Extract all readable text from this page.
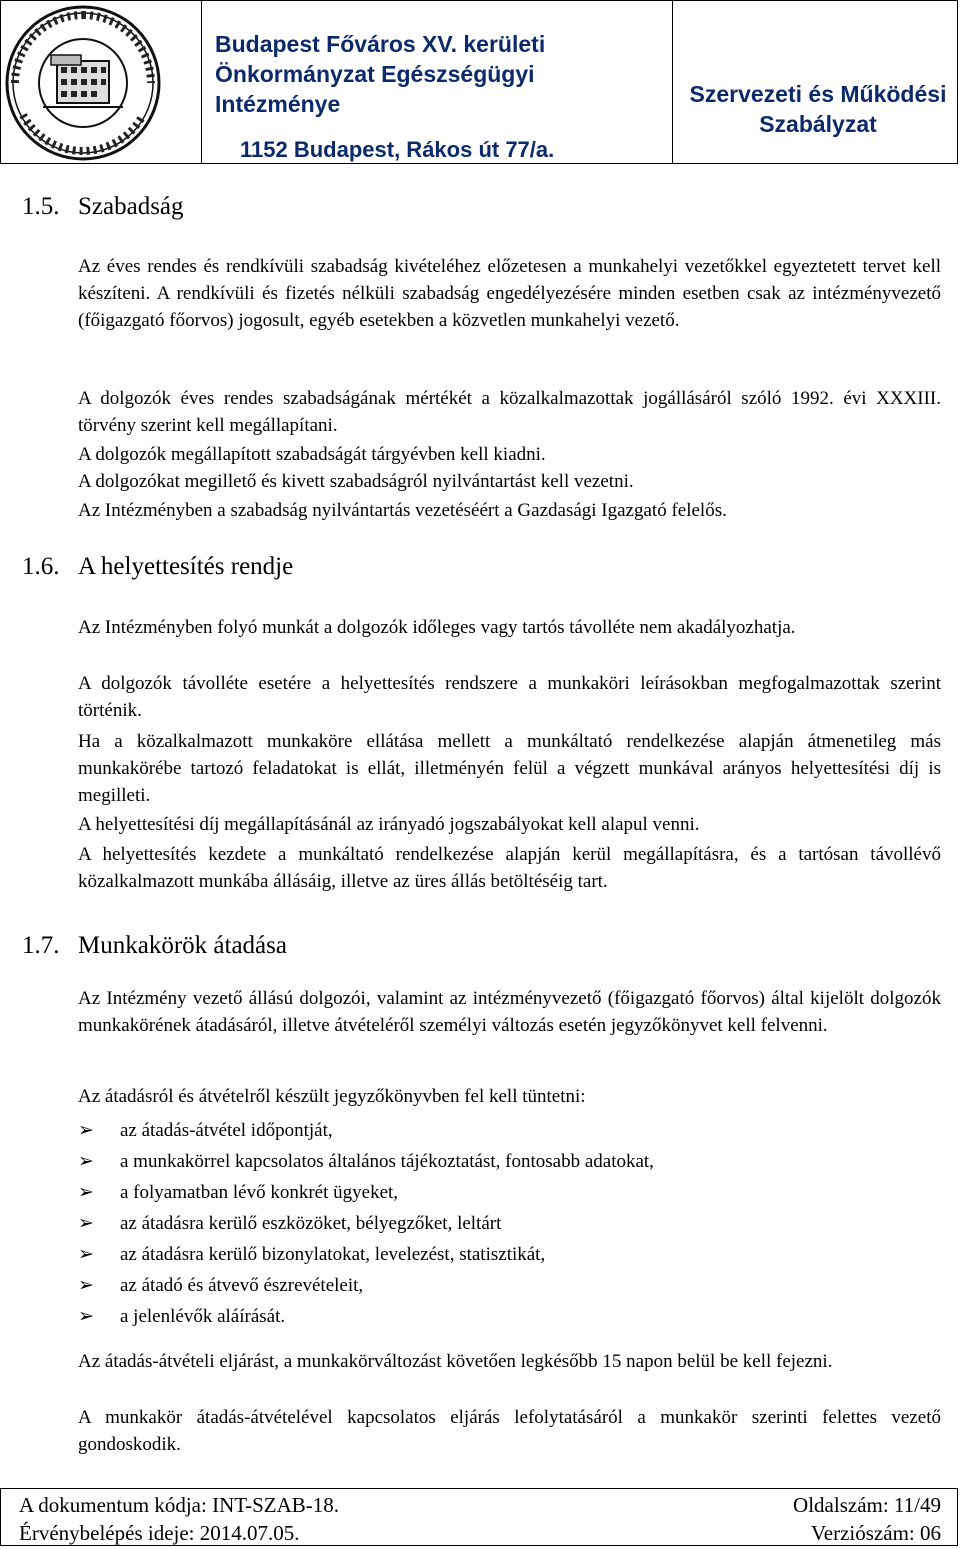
Budapest Főváros XV. kerületi
Önkormányzat Egészségügyi
Intézménye
1152 Budapest, Rákos út 77/a.
Szervezeti és Működési
Szabályzat
1.5. Szabadság
Az éves rendes és rendkívüli szabadság kivételéhez előzetesen a munkahelyi vezetőkkel egyeztetett tervet kell készíteni. A rendkívüli és fizetés nélküli szabadság engedélyezésére minden esetben csak az intézményvezető (főigazgató főorvos) jogosult, egyéb esetekben a közvetlen munkahelyi vezető.
A dolgozók éves rendes szabadságának mértékét a közalkalmazottak jogállásáról szóló 1992. évi XXXIII. törvény szerint kell megállapítani.
A dolgozók megállapított szabadságát tárgyévben kell kiadni.
A dolgozókat megillető és kivett szabadságról nyilvántartást kell vezetni.
Az Intézményben a szabadság nyilvántartás vezetéséért a Gazdasági Igazgató felelős.
1.6. A helyettesítés rendje
Az Intézményben folyó munkát a dolgozók időleges vagy tartós távolléte nem akadályozhatja.
A dolgozók távolléte esetére a helyettesítés rendszere a munkaköri leírásokban megfogalmazottak szerint történik.
Ha a közalkalmazott munkaköre ellátása mellett a munkáltató rendelkezése alapján átmenetileg más munkakörébe tartozó feladatokat is ellát, illetményén felül a végzett munkával arányos helyettesítési díj is megilleti.
A helyettesítési díj megállapításánál az irányadó jogszabályokat kell alapul venni.
A helyettesítés kezdete a munkáltató rendelkezése alapján kerül megállapításra, és a tartósan távollévő közalkalmazott munkába állásáig, illetve az üres állás betöltéséig tart.
1.7. Munkakörök átadása
Az Intézmény vezető állású dolgozói, valamint az intézményvezető (főigazgató főorvos) által kijelölt dolgozók munkakörének átadásáról, illetve átvételéről személyi változás esetén jegyzőkönyvet kell felvenni.
Az átadásról és átvételről készült jegyzőkönyvben fel kell tüntetni:
➢	az átadás-átvétel időpontját,
➢	a munkakörrel kapcsolatos általános tájékoztatást, fontosabb adatokat,
➢	a folyamatban lévő konkrét ügyeket,
➢	az átadásra kerülő eszközöket, bélyegzőket, leltárt
➢	az átadásra kerülő bizonylatokat, levelezést, statisztikát,
➢	az átadó és átvevő észrevételeit,
➢	a jelenlévők aláírását.
Az átadás-átvételi eljárást, a munkakörváltozást követően legkésőbb 15 napon belül be kell fejezni.
A munkakör átadás-átvételével kapcsolatos eljárás lefolytatásáról a munkakör szerinti felettes vezető gondoskodik.
A dokumentum kódja: INT-SZAB-18.
Érvénybelépés ideje: 2014.07.05.
Oldalszám: 11/49
Verziószám: 06
